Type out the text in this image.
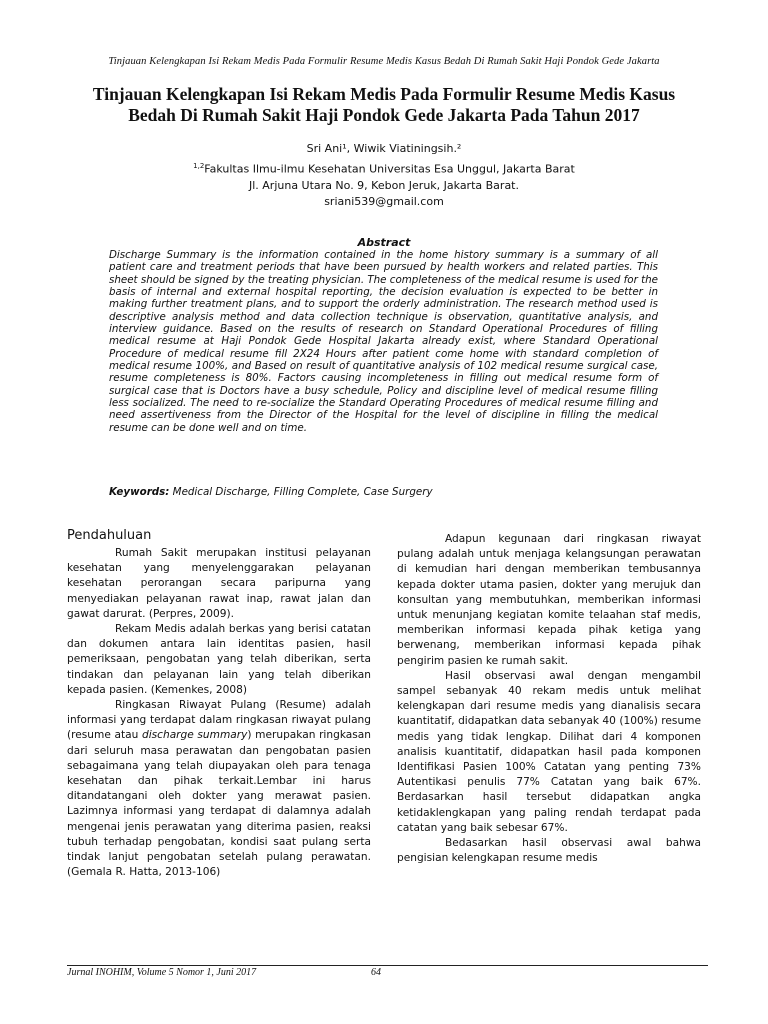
Tinjauan Kelengkapan Isi Rekam Medis Pada Formulir Resume Medis Kasus Bedah Di Rumah Sakit Haji Pondok Gede Jakarta
Tinjauan Kelengkapan Isi Rekam Medis Pada Formulir Resume Medis Kasus Bedah Di Rumah Sakit Haji Pondok Gede Jakarta Pada Tahun 2017
Sri Ani¹, Wiwik Viatiningsih.²
$^{1,2}$Fakultas Ilmu-ilmu Kesehatan Universitas Esa Unggul, Jakarta Barat
Jl. Arjuna Utara No. 9, Kebon Jeruk, Jakarta Barat.
sriani539@gmail.com
Abstract

Discharge Summary is the information contained in the home history summary is a summary of all patient care and treatment periods that have been pursued by health workers and related parties. This sheet should be signed by the treating physician. The completeness of the medical resume is used for the basis of internal and external hospital reporting, the decision evaluation is expected to be better in making further treatment plans, and to support the orderly administration. The research method used is descriptive analysis method and data collection technique is observation, quantitative analysis, and interview guidance. Based on the results of research on Standard Operational Procedures of filling medical resume at Haji Pondok Gede Hospital Jakarta already exist, where Standard Operational Procedure of medical resume fill 2X24 Hours after patient come home with standard completion of medical resume 100%, and Based on result of quantitative analysis of 102 medical resume surgical case, resume completeness is 80%. Factors causing incompleteness in filling out medical resume form of surgical case that is Doctors have a busy schedule, Policy and discipline level of medical resume filling less socialized. The need to re-socialize the Standard Operating Procedures of medical resume filling and need assertiveness from the Director of the Hospital for the level of discipline in filling the medical resume can be done well and on time.

Keywords: Medical Discharge, Filling Complete, Case Surgery
Pendahuluan

Rumah Sakit merupakan institusi pelayanan kesehatan yang menyelenggarakan pelayanan kesehatan perorangan secara paripurna yang menyediakan pelayanan rawat inap, rawat jalan dan gawat darurat. (Perpres, 2009).

Rekam Medis adalah berkas yang berisi catatan dan dokumen antara lain identitas pasien, hasil pemeriksaan, pengobatan yang telah diberikan, serta tindakan dan pelayanan lain yang telah diberikan kepada pasien. (Kemenkes, 2008)

Ringkasan Riwayat Pulang (Resume) adalah informasi yang terdapat dalam ringkasan riwayat pulang (resume atau discharge summary) merupakan ringkasan dari seluruh masa perawatan dan pengobatan pasien sebagaimana yang telah diupayakan oleh para tenaga kesehatan dan pihak terkait.Lembar ini harus ditandatangani oleh dokter yang merawat pasien. Lazimnya informasi yang terdapat di dalamnya adalah mengenai jenis perawatan yang diterima pasien, reaksi tubuh terhadap pengobatan, kondisi saat pulang serta tindak lanjut pengobatan setelah pulang perawatan. (Gemala R. Hatta, 2013-106)

Adapun kegunaan dari ringkasan riwayat pulang adalah untuk menjaga kelangsungan perawatan di kemudian hari dengan memberikan tembusannya kepada dokter utama pasien, dokter yang merujuk dan konsultan yang membutuhkan, memberikan informasi untuk menunjang kegiatan komite telaahan staf medis, memberikan informasi kepada pihak ketiga yang berwenang, memberikan informasi kepada pihak pengirim pasien ke rumah sakit.

Hasil observasi awal dengan mengambil sampel sebanyak 40 rekam medis untuk melihat kelengkapan dari resume medis yang dianalisis secara kuantitatif, didapatkan data sebanyak 40 (100%) resume medis yang tidak lengkap. Dilihat dari 4 komponen analisis kuantitatif, didapatkan hasil pada komponen Identifikasi Pasien 100% Catatan yang penting 73% Autentikasi penulis 77% Catatan yang baik 67%. Berdasarkan hasil tersebut didapatkan angka ketidaklengkapan yang paling rendah terdapat pada catatan yang baik sebesar 67%.

Bedasarkan hasil observasi awal bahwa pengisian kelengkapan resume medis

Jurnal INOHIM, Volume 5 Nomor 1, Juni 2017	64
